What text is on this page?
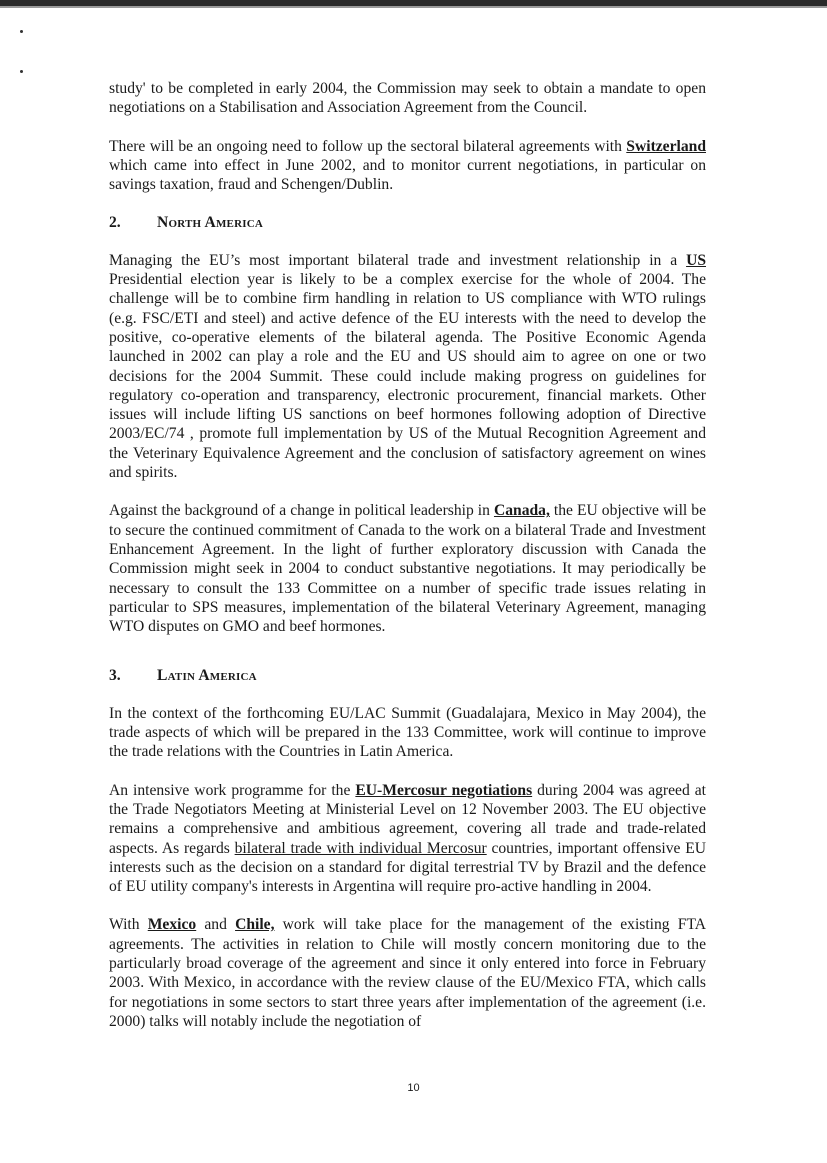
study' to be completed in early 2004, the Commission may seek to obtain a mandate to open negotiations on a Stabilisation and Association Agreement from the Council.

There will be an ongoing need to follow up the sectoral bilateral agreements with Switzerland which came into effect in June 2002, and to monitor current negotiations, in particular on savings taxation, fraud and Schengen/Dublin.

2.	North America

Managing the EU’s most important bilateral trade and investment relationship in a US Presidential election year is likely to be a complex exercise for the whole of 2004. The challenge will be to combine firm handling in relation to US compliance with WTO rulings (e.g. FSC/ETI and steel) and active defence of the EU interests with the need to develop the positive, co-operative elements of the bilateral agenda. The Positive Economic Agenda launched in 2002 can play a role and the EU and US should aim to agree on one or two decisions for the 2004 Summit. These could include making progress on guidelines for regulatory co-operation and transparency, electronic procurement, financial markets. Other issues will include lifting US sanctions on beef hormones following adoption of Directive 2003/EC/74 , promote full implementation by US of the Mutual Recognition Agreement and the Veterinary Equivalence Agreement and the conclusion of satisfactory agreement on wines and spirits.

Against the background of a change in political leadership in Canada, the EU objective will be to secure the continued commitment of Canada to the work on a bilateral Trade and Investment Enhancement Agreement. In the light of further exploratory discussion with Canada the Commission might seek in 2004 to conduct substantive negotiations. It may periodically be necessary to consult the 133 Committee on a number of specific trade issues relating in particular to SPS measures, implementation of the bilateral Veterinary Agreement, managing WTO disputes on GMO and beef hormones.

3.	Latin America

In the context of the forthcoming EU/LAC Summit (Guadalajara, Mexico in May 2004), the trade aspects of which will be prepared in the 133 Committee, work will continue to improve the trade relations with the Countries in Latin America.

An intensive work programme for the EU-Mercosur negotiations during 2004 was agreed at the Trade Negotiators Meeting at Ministerial Level on 12 November 2003. The EU objective remains a comprehensive and ambitious agreement, covering all trade and trade-related aspects. As regards bilateral trade with individual Mercosur countries, important offensive EU interests such as the decision on a standard for digital terrestrial TV by Brazil and the defence of EU utility company's interests in Argentina will require pro-active handling in 2004.

With Mexico and Chile, work will take place for the management of the existing FTA agreements. The activities in relation to Chile will mostly concern monitoring due to the particularly broad coverage of the agreement and since it only entered into force in February 2003. With Mexico, in accordance with the review clause of the EU/Mexico FTA, which calls for negotiations in some sectors to start three years after implementation of the agreement (i.e. 2000) talks will notably include the negotiation of

10
